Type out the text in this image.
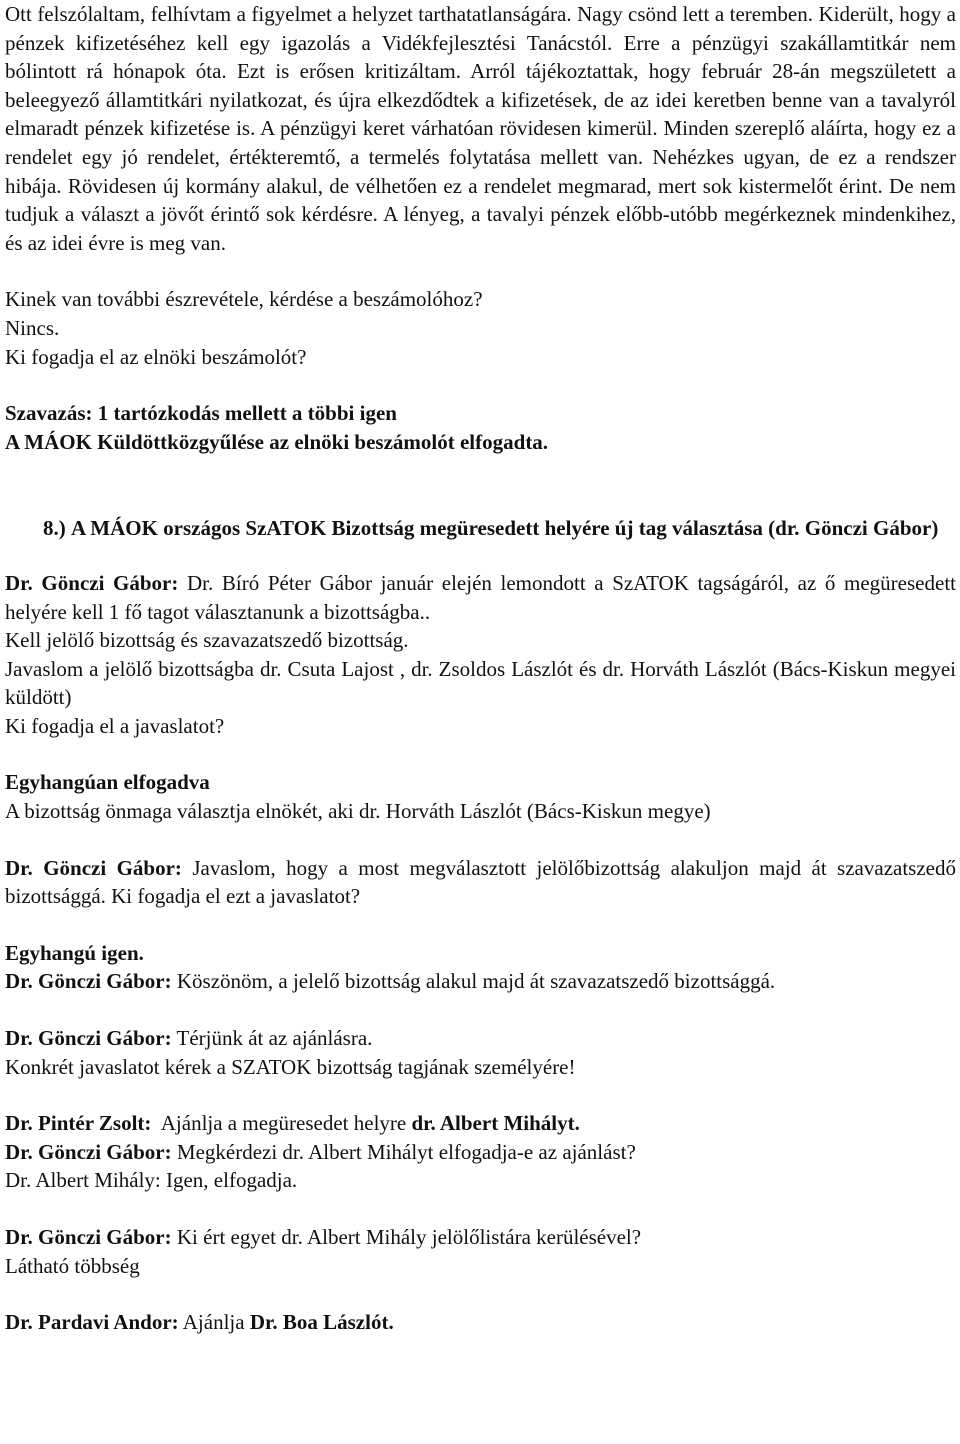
Ott felszólaltam, felhívtam a figyelmet a helyzet tarthatatlanságára. Nagy csönd lett a teremben. Kiderült, hogy a pénzek kifizetéséhez kell egy igazolás a Vidékfejlesztési Tanácstól. Erre a pénzügyi szakállamtitkár nem bólintott rá hónapok óta. Ezt is erősen kritizáltam. Arról tájékoztattak, hogy február 28-án megszületett a beleegyező államtitkári nyilatkozat, és újra elkezdődtek a kifizetések, de az idei keretben benne van a tavalyról elmaradt pénzek kifizetése is. A pénzügyi keret várhatóan rövidesen kimerül. Minden szereplő aláírta, hogy ez a rendelet egy jó rendelet, értékteremtő, a termelés folytatása mellett van. Nehézkes ugyan, de ez a rendszer hibája. Rövidesen új kormány alakul, de vélhetően ez a rendelet megmarad, mert sok kistermelőt érint. De nem tudjuk a választ a jövőt érintő sok kérdésre. A lényeg, a tavalyi pénzek előbb-utóbb megérkeznek mindenkihez, és az idei évre is meg van.

Kinek van további észrevétele, kérdése a beszámolóhoz?

Nincs.

Ki fogadja el az elnöki beszámolót?

Szavazás: 1 tartózkodás mellett a többi igen

A MÁOK Küldöttközgyűlése az elnöki beszámolót elfogadta.

8.) A MÁOK országos SzATOK Bizottság megüresedett helyére új tag választása (dr. Gönczi Gábor)

Dr. Gönczi Gábor: Dr. Bíró Péter Gábor január elején lemondott a SzATOK tagságáról, az ő megüresedett helyére kell 1 fő tagot választanunk a bizottságba..

Kell jelölő bizottság és szavazatszedő bizottság.

Javaslom a jelölő bizottságba dr. Csuta Lajost , dr. Zsoldos Lászlót és dr. Horváth Lászlót (Bács-Kiskun megyei küldött)

Ki fogadja el a javaslatot?

Egyhangúan elfogadva

A bizottság önmaga választja elnökét, aki dr. Horváth Lászlót (Bács-Kiskun megye)

Dr. Gönczi Gábor: Javaslom, hogy a most megválasztott jelölőbizottság alakuljon majd át szavazatszedő bizottsággá. Ki fogadja el ezt a javaslatot?

Egyhangú igen.

Dr. Gönczi Gábor: Köszönöm, a jelelő bizottság alakul majd át szavazatszedő bizottsággá.

Dr. Gönczi Gábor: Térjünk át az ajánlásra.

Konkrét javaslatot kérek a SZATOK bizottság tagjának személyére!

Dr. Pintér Zsolt:  Ajánlja a megüresedet helyre dr. Albert Mihályt.

Dr. Gönczi Gábor: Megkérdezi dr. Albert Mihályt elfogadja-e az ajánlást?

Dr. Albert Mihály: Igen, elfogadja.

Dr. Gönczi Gábor: Ki ért egyet dr. Albert Mihály jelölőlistára kerülésével?

Látható többség

Dr. Pardavi Andor: Ajánlja Dr. Boa Lászlót.
